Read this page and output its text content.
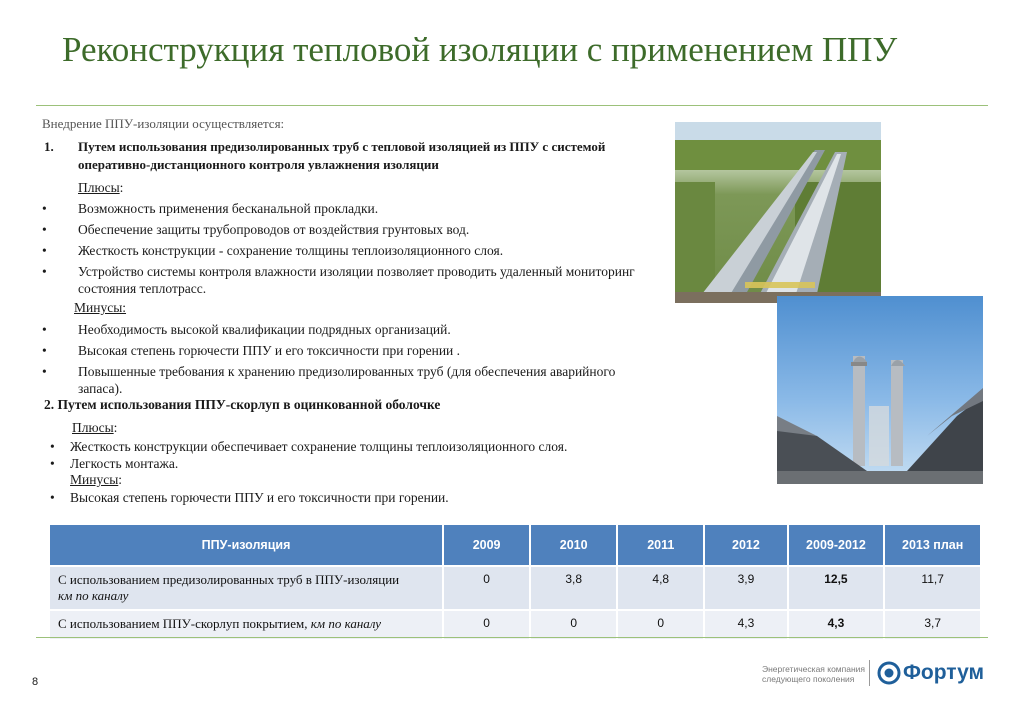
Реконструкция тепловой изоляции с применением ППУ
Внедрение ППУ-изоляции осуществляется:
1. Путем использования предизолированных труб с тепловой изоляцией из ППУ с системой оперативно-дистанционного контроля увлажнения изоляции
Плюсы:
• Возможность применения бесканальной прокладки.
• Обеспечение защиты трубопроводов от воздействия грунтовых вод.
• Жесткость конструкции - сохранение толщины теплоизоляционного слоя.
• Устройство системы контроля влажности изоляции позволяет проводить удаленный мониторинг состояния теплотрасс.
Минусы:
• Необходимость высокой квалификации подрядных организаций.
• Высокая степень горючести ППУ и его токсичности при горении .
• Повышенные требования к хранению предизолированных труб (для обеспечения аварийного запаса).
2. Путем использования ППУ-скорлуп в оцинкованной оболочке
Плюсы:
• Жесткость конструкции обеспечивает сохранение толщины теплоизоляционного слоя.
• Легкость монтажа.
Минусы:
• Высокая степень горючести ППУ и его токсичности при горении.
ППУ-изоляция	2009	2010	2011	2012	2009-2012	2013 план
С использованием предизолированных труб в ППУ-изоляции
км по каналу	0	3,8	4,8	3,9	12,5	11,7
С использованием ППУ-скорлуп покрытием, км по каналу	0	0	0	4,3	4,3	3,7
8
Энергетическая компания следующего поколения	Фортум
